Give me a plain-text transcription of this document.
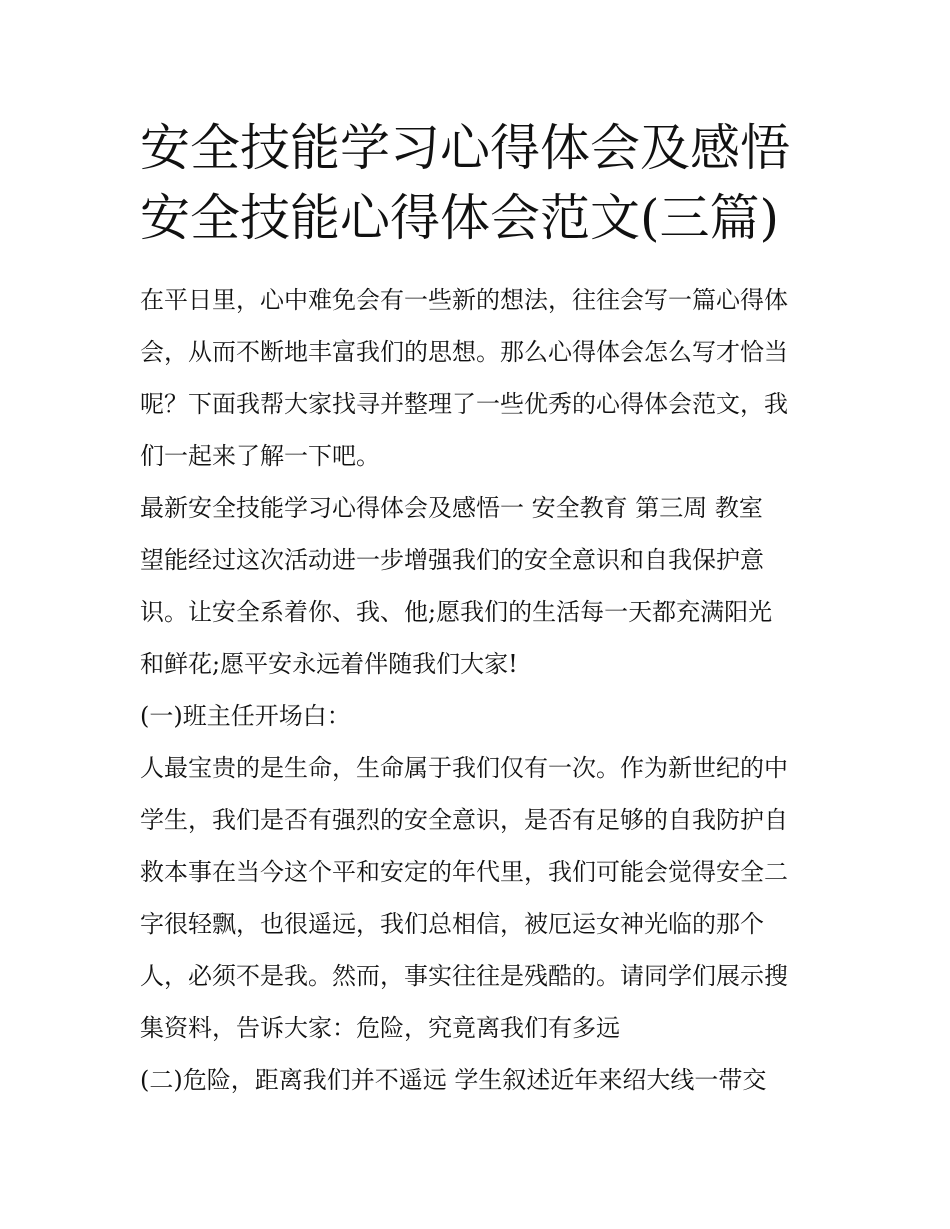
安全技能学习心得体会及感悟
安全技能心得体会范文(三篇)
在平日里，心中难免会有一些新的想法，往往会写一篇心得体
会，从而不断地丰富我们的思想。那么心得体会怎么写才恰当
呢？下面我帮大家找寻并整理了一些优秀的心得体会范文，我
们一起来了解一下吧。
最新安全技能学习心得体会及感悟一 安全教育 第三周 教室
望能经过这次活动进一步增强我们的安全意识和自我保护意
识。让安全系着你、我、他;愿我们的生活每一天都充满阳光
和鲜花;愿平安永远着伴随我们大家!
(一)班主任开场白：
人最宝贵的是生命，生命属于我们仅有一次。作为新世纪的中
学生，我们是否有强烈的安全意识，是否有足够的自我防护自
救本事在当今这个平和安定的年代里，我们可能会觉得安全二
字很轻飘，也很遥远，我们总相信，被厄运女神光临的那个
人，必须不是我。然而，事实往往是残酷的。请同学们展示搜
集资料，告诉大家：危险，究竟离我们有多远
(二)危险，距离我们并不遥远 学生叙述近年来绍大线一带交
